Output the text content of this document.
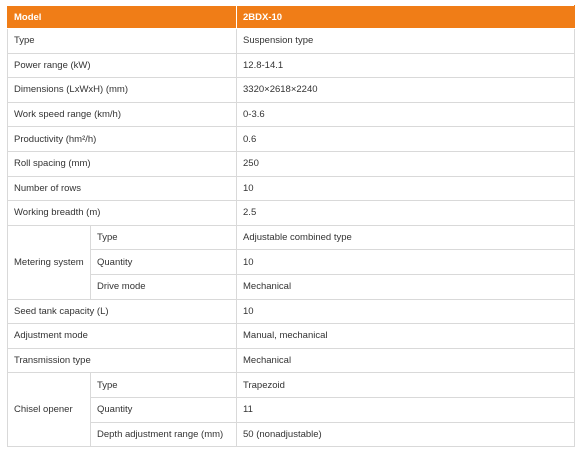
Model		2BDX-10
Type		Suspension type
Power range (kW)		12.8-14.1
Dimensions (LxWxH) (mm)		3320×2618×2240
Work speed range (km/h)		0-3.6
Productivity (hm²/h)		0.6
Roll spacing (mm)		250
Number of rows		10
Working breadth (m)		2.5
Metering system	Type	Adjustable combined type
	Quantity	10
	Drive mode	Mechanical
Seed tank capacity (L)		10
Adjustment mode		Manual, mechanical
Transmission type		Mechanical
Chisel opener	Type	Trapezoid
	Quantity	11
	Depth adjustment range (mm)	50 (nonadjustable)
